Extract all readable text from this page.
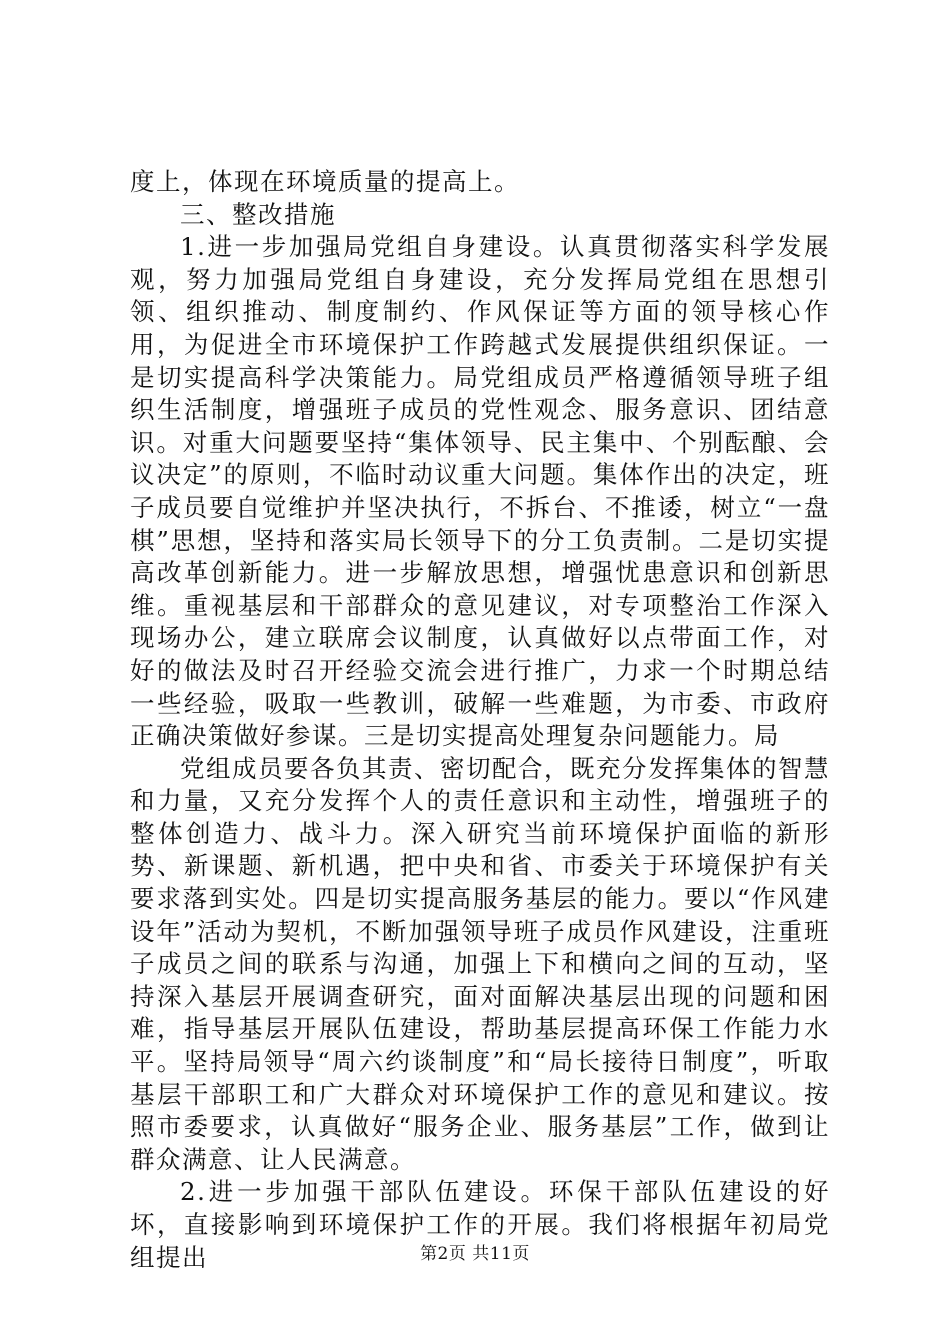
度上，体现在环境质量的提高上。

三、整改措施

1.进一步加强局党组自身建设。认真贯彻落实科学发展观，努力加强局党组自身建设，充分发挥局党组在思想引领、组织推动、制度制约、作风保证等方面的领导核心作用，为促进全市环境保护工作跨越式发展提供组织保证。一是切实提高科学决策能力。局党组成员严格遵循领导班子组织生活制度，增强班子成员的党性观念、服务意识、团结意识。对重大问题要坚持“集体领导、民主集中、个别酝酿、会议决定”的原则，不临时动议重大问题。集体作出的决定，班子成员要自觉维护并坚决执行，不拆台、不推诿，树立“一盘棋”思想，坚持和落实局长领导下的分工负责制。二是切实提高改革创新能力。进一步解放思想，增强忧患意识和创新思维。重视基层和干部群众的意见建议，对专项整治工作深入现场办公，建立联席会议制度，认真做好以点带面工作，对好的做法及时召开经验交流会进行推广，力求一个时期总结一些经验，吸取一些教训，破解一些难题，为市委、市政府正确决策做好参谋。三是切实提高处理复杂问题能力。局

党组成员要各负其责、密切配合，既充分发挥集体的智慧和力量，又充分发挥个人的责任意识和主动性，增强班子的整体创造力、战斗力。深入研究当前环境保护面临的新形势、新课题、新机遇，把中央和省、市委关于环境保护有关要求落到实处。四是切实提高服务基层的能力。要以“作风建设年”活动为契机，不断加强领导班子成员作风建设，注重班子成员之间的联系与沟通，加强上下和横向之间的互动，坚持深入基层开展调查研究，面对面解决基层出现的问题和困难，指导基层开展队伍建设，帮助基层提高环保工作能力水平。坚持局领导“周六约谈制度”和“局长接待日制度”，听取基层干部职工和广大群众对环境保护工作的意见和建议。按照市委要求，认真做好“服务企业、服务基层”工作，做到让群众满意、让人民满意。

2.进一步加强干部队伍建设。环保干部队伍建设的好坏，直接影响到环境保护工作的开展。我们将根据年初局党组提出	第2页 共11页
